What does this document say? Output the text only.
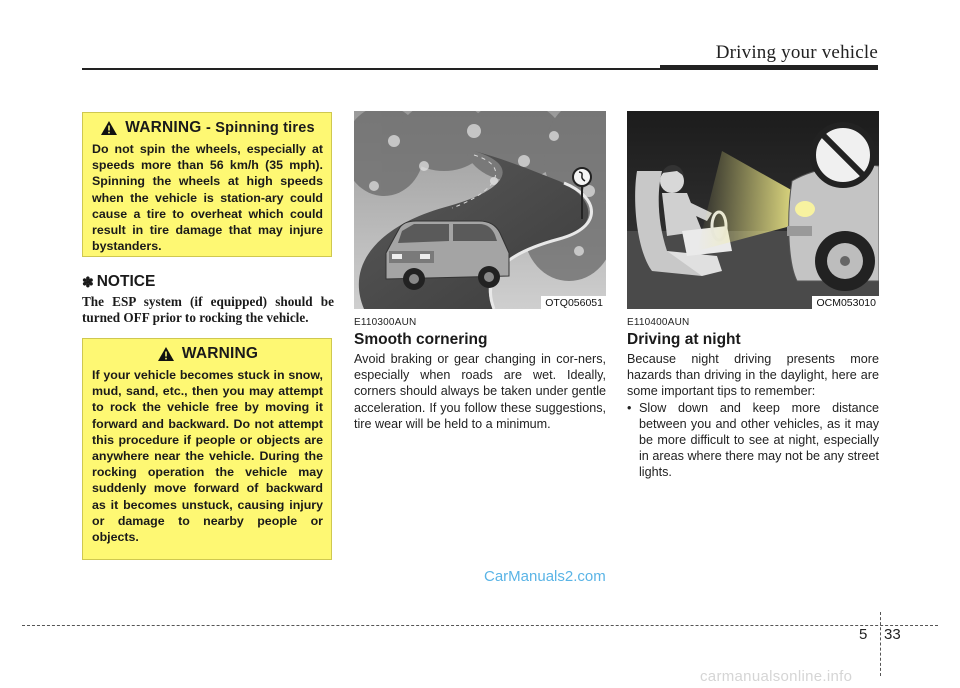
Driving your vehicle
WARNING - Spinning tires
Do not spin the wheels, especially at speeds more than 56 km/h (35 mph). Spinning the wheels at high speeds when the vehicle is station-ary could cause a tire to overheat which could result in tire damage that may injure bystanders.
✽ NOTICE
The ESP system (if equipped) should be turned OFF prior to rocking the vehicle.
WARNING
If your vehicle becomes stuck in snow, mud, sand, etc., then you may attempt to rock the vehicle free by moving it forward and backward. Do not attempt this procedure if people or objects are anywhere near the vehicle. During the rocking operation the vehicle may suddenly move forward of backward as it becomes unstuck, causing injury or damage to nearby people or objects.
OTQ056051	OCM053010
E110300AUN
Smooth cornering
Avoid braking or gear changing in cor-ners, especially when roads are wet. Ideally, corners should always be taken under gentle acceleration. If you follow these suggestions, tire wear will be held to a minimum.
E110400AUN
Driving at night
Because night driving presents more hazards than driving in the daylight, here are some important tips to remember:
• Slow down and keep more distance between you and other vehicles, as it may be more difficult to see at night, especially in areas where there may not be any street lights.
CarManuals2.com
5 33
carmanualsonline.info
